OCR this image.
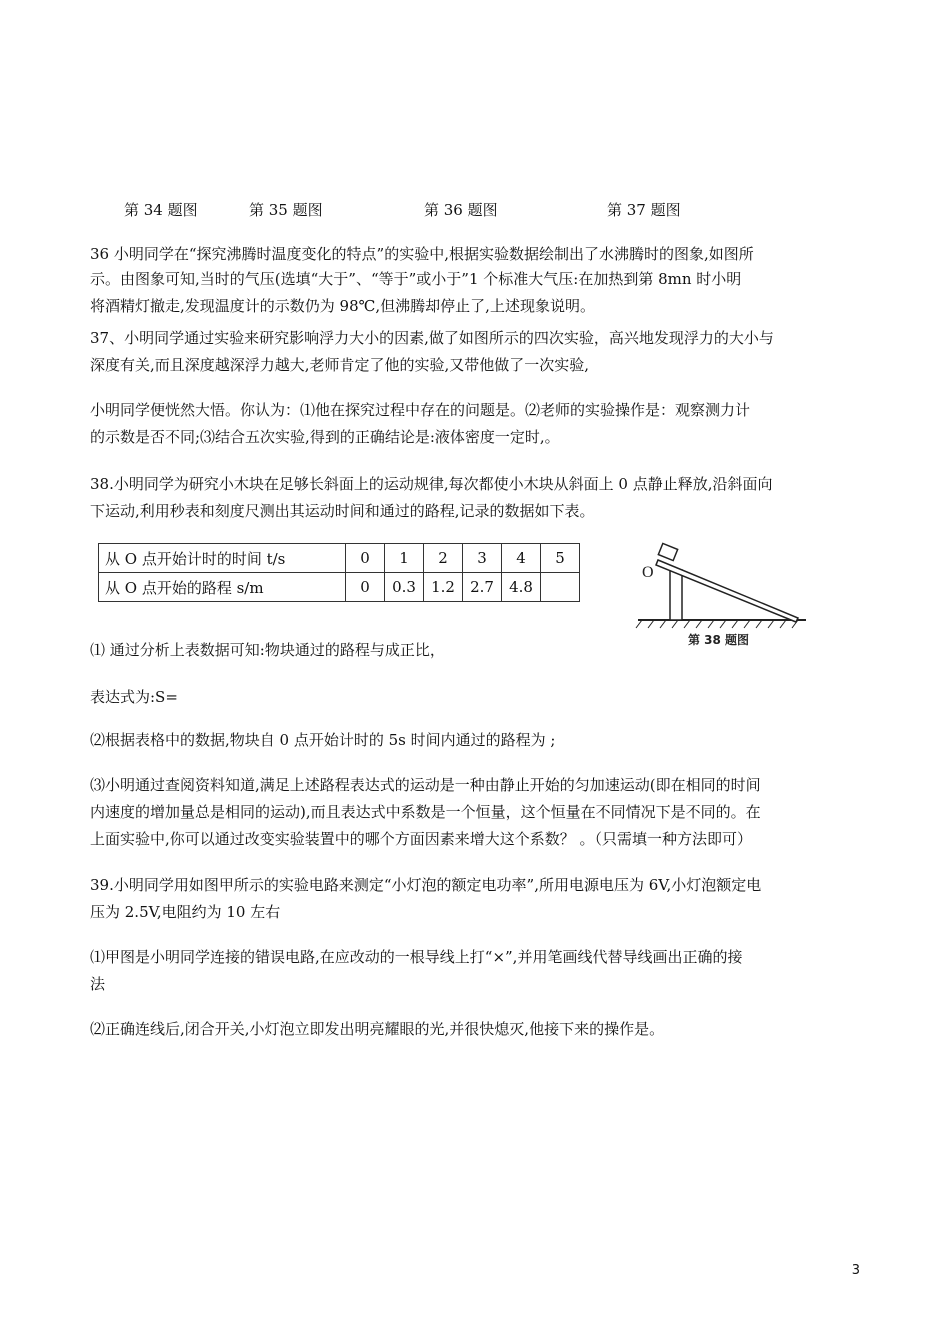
第 34 题图	第 35 题图	第 36 题图	第 37 题图
36 小明同学在“探究沸腾时温度变化的特点”的实验中,根据实验数据绘制出了水沸腾时的图象,如图所
示。由图象可知,当时的气压(选填“大于”、“等于”或小于”1 个标准大气压:在加热到第 8mn 时小明
将酒精灯撤走,发现温度计的示数仍为 98℃,但沸腾却停止了,上述现象说明。
37、小明同学通过实验来研究影响浮力大小的因素,做了如图所示的四次实验，高兴地发现浮力的大小与
深度有关,而且深度越深浮力越大,老师肯定了他的实验,又带他做了一次实验,
小明同学便恍然大悟。你认为：⑴他在探究过程中存在的问题是。⑵老师的实验操作是：观察测力计
的示数是否不同;⑶结合五次实验,得到的正确结论是:液体密度一定时,。
38.小明同学为研究小木块在足够长斜面上的运动规律,每次都使小木块从斜面上 0 点静止释放,沿斜面向
下运动,利用秒表和刻度尺测出其运动时间和通过的路程,记录的数据如下表。
从 O 点开始计时的时间 t/s	0	1	2	3	4	5
从 O 点开始的路程 s/m	0	0.3	1.2	2.7	4.8	
O
第 38 题图
⑴ 通过分析上表数据可知:物块通过的路程与成正比，
表达式为:S=
⑵根据表格中的数据,物块自 0 点开始计时的 5s 时间内通过的路程为 ;
⑶小明通过查阅资料知道,满足上述路程表达式的运动是一种由静止开始的匀加速运动(即在相同的时间
内速度的增加量总是相同的运动),而且表达式中系数是一个恒量，这个恒量在不同情况下是不同的。在
上面实验中,你可以通过改变实验装置中的哪个方面因素来增大这个系数？ 。（只需填一种方法即可）
39.小明同学用如图甲所示的实验电路来测定“小灯泡的额定电功率”,所用电源电压为 6V,小灯泡额定电
压为 2.5V,电阻约为 10 左右
⑴甲图是小明同学连接的错误电路,在应改动的一根导线上打“×”,并用笔画线代替导线画出正确的接
法
⑵正确连线后,闭合开关,小灯泡立即发出明亮耀眼的光,并很快熄灭,他接下来的操作是。
3
